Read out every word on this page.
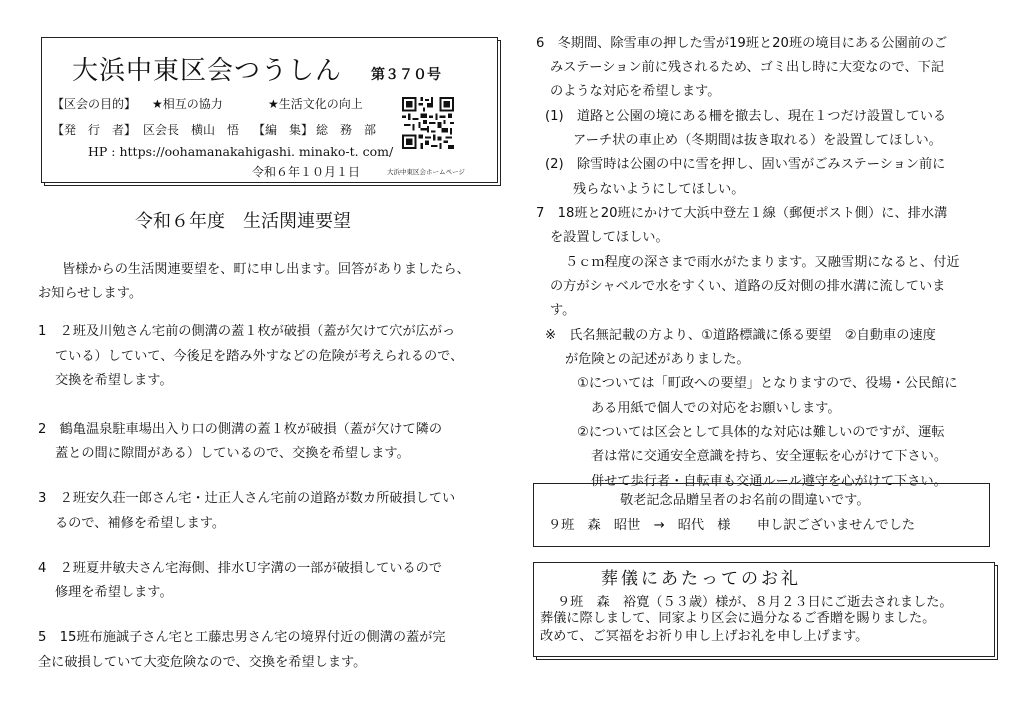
大浜中東区会つうしん 第３７０号
【区会の目的】 ★相互の協力	★生活文化の向上
【発　行　者】 区会長　横山　悟 【編　集】 総　務　部
HP : https://oohamanakahigashi. minako-t. com/
令和６年１０月１日	大浜中東区会ホームページ
令和６年度　生活関連要望
皆様からの生活関連要望を、町に申し出ます。回答がありましたら、
お知らせします。
1　２班及川勉さん宅前の側溝の蓋１枚が破損（蓋が欠けて穴が広がっ
ている）していて、今後足を踏み外すなどの危険が考えられるので、
交換を希望します。
2　鶴亀温泉駐車場出入り口の側溝の蓋１枚が破損（蓋が欠けて隣の
蓋との間に隙間がある）しているので、交換を希望します。
3　２班安久荘一郎さん宅・辻正人さん宅前の道路が数カ所破損してい
るので、補修を希望します。
4　２班夏井敏夫さん宅海側、排水Ｕ字溝の一部が破損しているので
修理を希望します。
5　15班布施誠子さん宅と工藤忠男さん宅の境界付近の側溝の蓋が完
全に破損していて大変危険なので、交換を希望します。
6　冬期間、除雪車の押した雪が19班と20班の境目にある公園前のご
みステーション前に残されるため、ゴミ出し時に大変なので、下記
のような対応を希望します。
(1)　道路と公園の境にある柵を撤去し、現在１つだけ設置している
アーチ状の車止め（冬期間は抜き取れる）を設置してほしい。
(2)　除雪時は公園の中に雪を押し、固い雪がごみステーション前に
残らないようにしてほしい。
7　18班と20班にかけて大浜中登左１線（郵便ポスト側）に、排水溝
を設置してほしい。
５ｃｍ程度の深さまで雨水がたまります。又融雪期になると、付近
の方がシャベルで水をすくい、道路の反対側の排水溝に流していま
す。
※　氏名無記載の方より、①道路標識に係る要望　②自動車の速度
が危険との記述がありました。
①については「町政への要望」となりますので、役場・公民館に
ある用紙で個人での対応をお願いします。
②については区会として具体的な対応は難しいのですが、運転
者は常に交通安全意識を持ち、安全運転を心がけて下さい。
併せて歩行者・自転車も交通ルール遵守を心がけて下さい。
敬老記念品贈呈者のお名前の間違いです。
９班　森　昭世　→　昭代　様　　申し訳ございませんでした
葬儀にあたってのお礼
９班　森　裕寛（５３歳）様が、８月２３日にご逝去されました。
葬儀に際しまして、同家より区会に過分なるご香贈を賜りました。
改めて、ご冥福をお祈り申し上げお礼を申し上げます。
